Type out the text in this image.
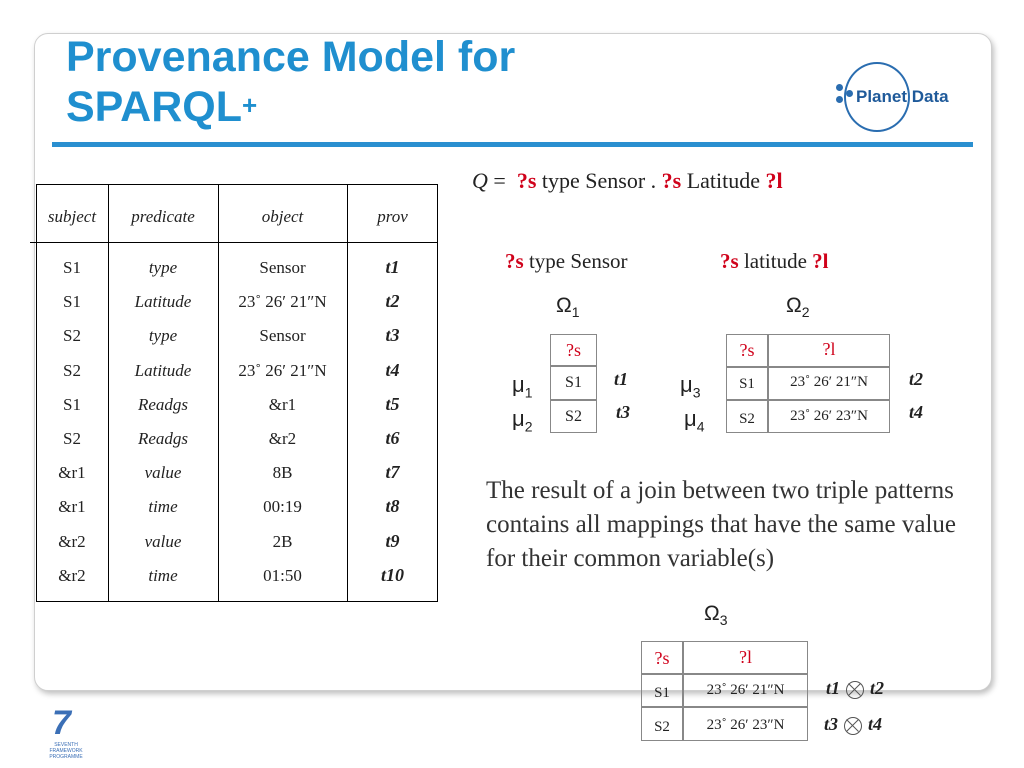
Provenance Model for
SPARQL+	Planet Data
7
SEVENTH FRAMEWORK PROGRAMME
subject	predicate	object	prov
S1	type	Sensor	t1
S1	Latitude	23˚ 26′ 21″N	t2
S2	type	Sensor	t3
S2	Latitude	23˚ 26′ 21″N	t4
S1	Readgs	&r1	t5
S2	Readgs	&r2	t6
&r1	value	8B	t7
&r1	time	00:19	t8
&r2	value	2B	t9
&r2	time	01:50	t10
Q = ?s type Sensor . ?s Latitude ?l
?s type Sensor
$\Omega_1$
?s
S1
S2
$\mu_1$
$\mu_2$
t1
t3
?s latitude ?l
$\Omega_2$
?s	?l
S1	23˚ 26′ 21″N
S2	23˚ 26′ 23″N
$\mu_3$
$\mu_4$
t2
t4
The result of a join between two triple patterns contains all mappings that have the same value for their common variable(s)
$\Omega_3$
?s	?l
S1	23˚ 26′ 21″N
S2	23˚ 26′ 23″N
t1 t2
t3 t4
